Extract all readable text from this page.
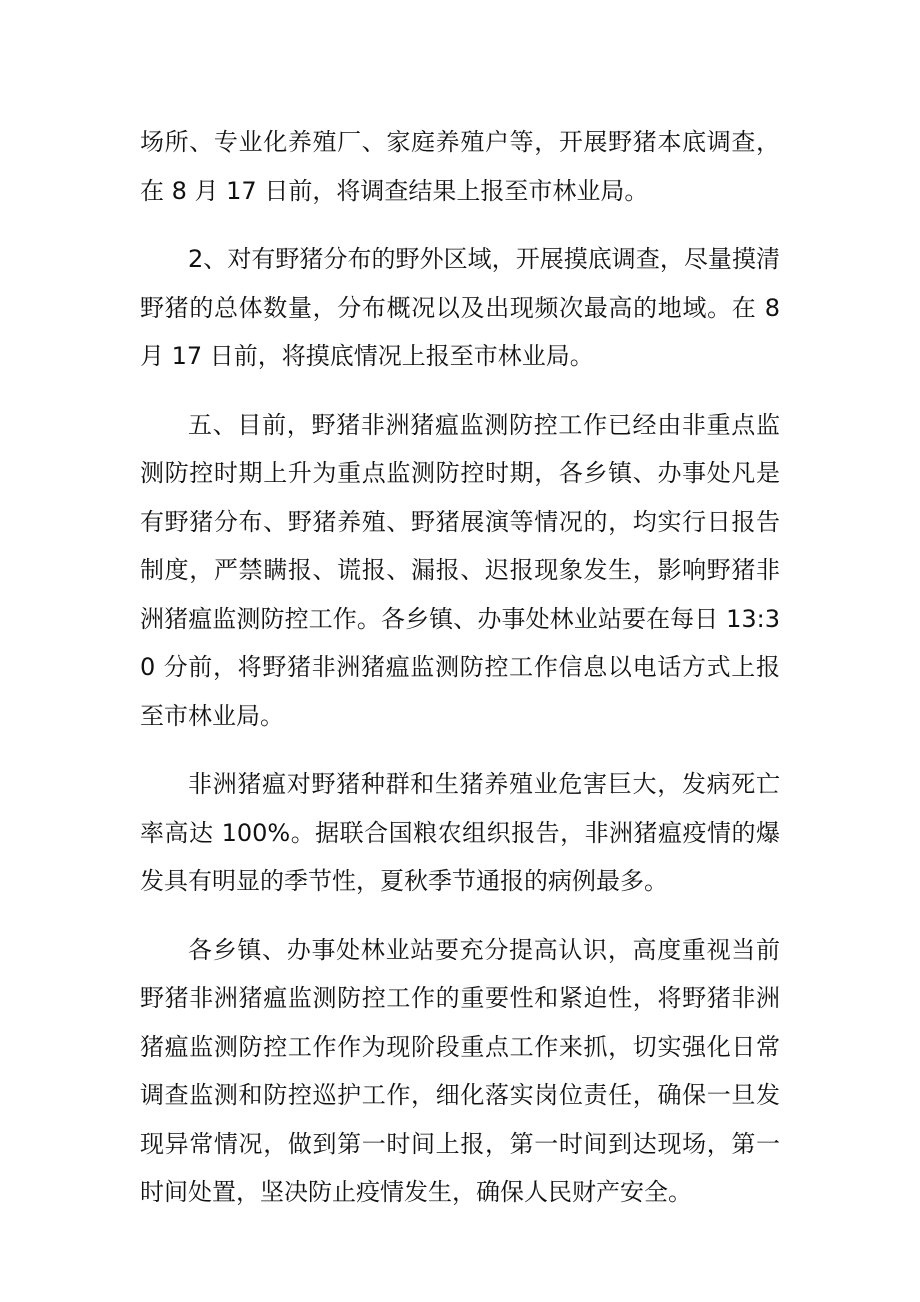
场所、专业化养殖厂、家庭养殖户等，开展野猪本底调查，在 8 月 17 日前，将调查结果上报至市林业局。

2、对有野猪分布的野外区域，开展摸底调查，尽量摸清野猪的总体数量，分布概况以及出现频次最高的地域。在 8 月 17 日前，将摸底情况上报至市林业局。

五、目前，野猪非洲猪瘟监测防控工作已经由非重点监测防控时期上升为重点监测防控时期，各乡镇、办事处凡是有野猪分布、野猪养殖、野猪展演等情况的，均实行日报告制度，严禁瞒报、谎报、漏报、迟报现象发生，影响野猪非洲猪瘟监测防控工作。各乡镇、办事处林业站要在每日 13:30 分前，将野猪非洲猪瘟监测防控工作信息以电话方式上报至市林业局。

非洲猪瘟对野猪种群和生猪养殖业危害巨大，发病死亡率高达 100%。据联合国粮农组织报告，非洲猪瘟疫情的爆发具有明显的季节性，夏秋季节通报的病例最多。

各乡镇、办事处林业站要充分提高认识，高度重视当前野猪非洲猪瘟监测防控工作的重要性和紧迫性，将野猪非洲猪瘟监测防控工作作为现阶段重点工作来抓，切实强化日常调查监测和防控巡护工作，细化落实岗位责任，确保一旦发现异常情况，做到第一时间上报，第一时间到达现场，第一时间处置，坚决防止疫情发生，确保人民财产安全。
